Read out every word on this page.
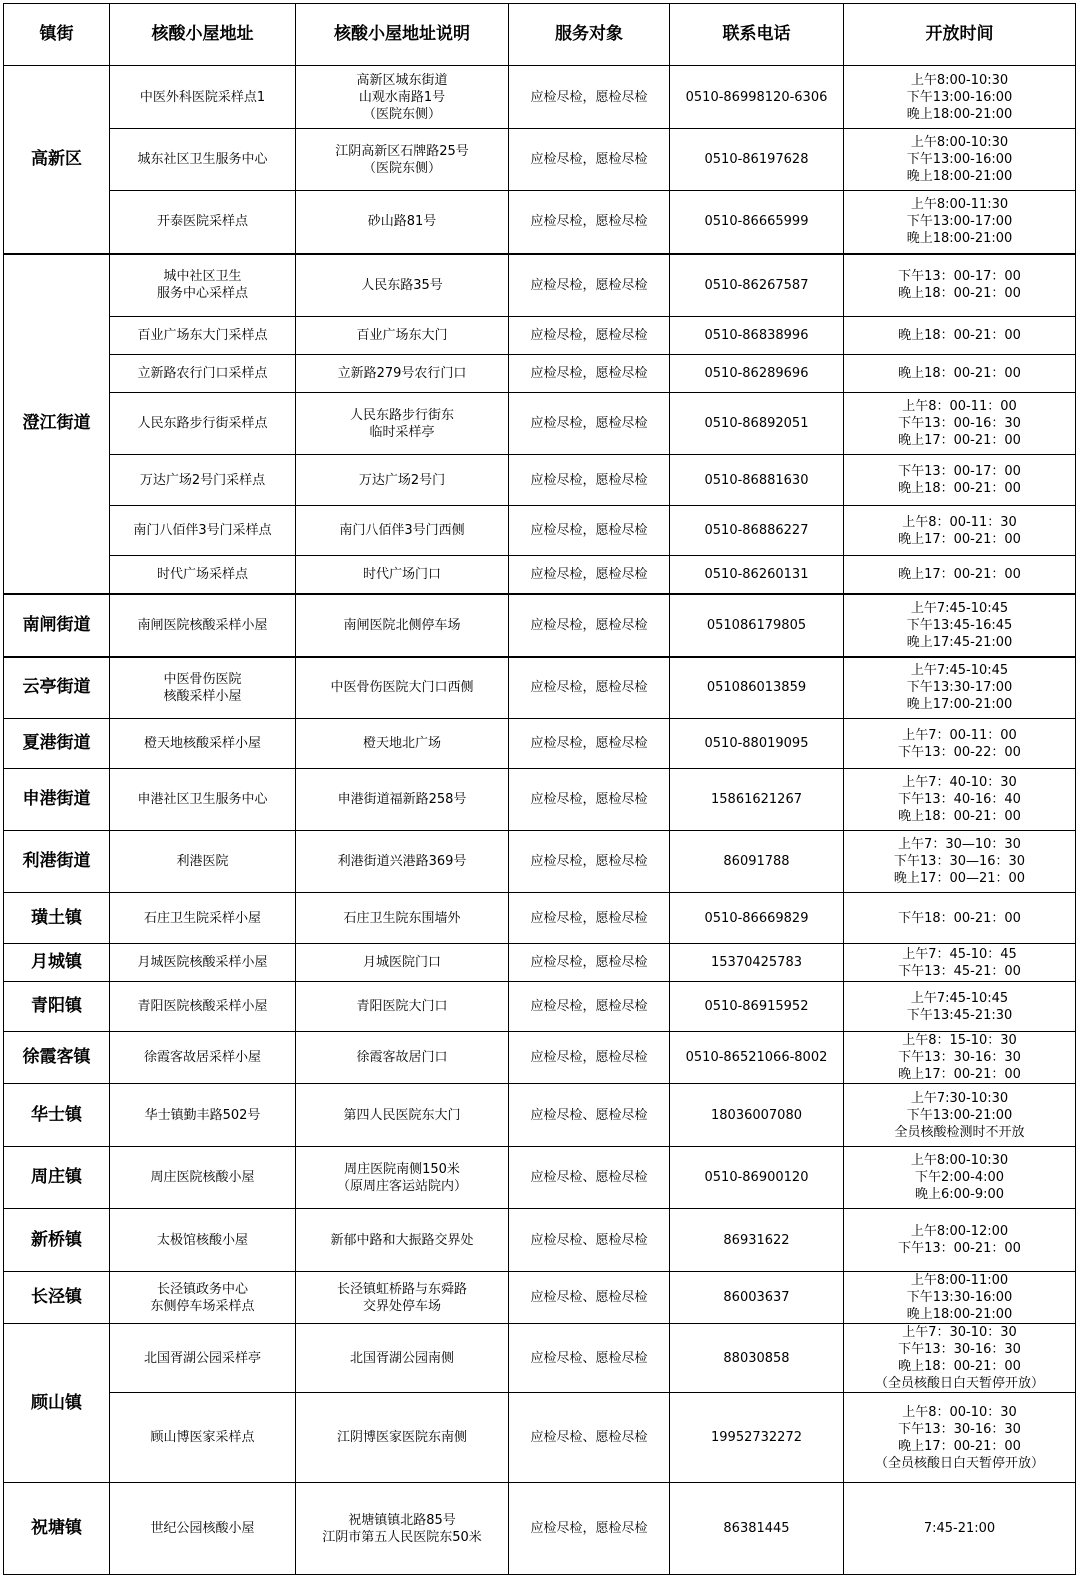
镇街	核酸小屋地址	核酸小屋地址说明	服务对象	联系电话	开放时间
高新区	中医外科医院采样点1	高新区城东街道
山观水南路1号
（医院东侧）	应检尽检，愿检尽检	0510-86998120-6306	上午8:00-10:30
下午13:00-16:00
晚上18:00-21:00

	城东社区卫生服务中心	江阴高新区石牌路25号
（医院东侧）	应检尽检，愿检尽检	0510-86197628	上午8:00-10:30
下午13:00-16:00
晚上18:00-21:00

	开泰医院采样点	砂山路81号	应检尽检，愿检尽检	0510-86665999	上午8:00-11:30
下午13:00-17:00
晚上18:00-21:00

澄江街道	城中社区卫生
服务中心采样点	人民东路35号	应检尽检，愿检尽检	0510-86267587	下午13：00-17：00
晚上18：00-21：00

	百业广场东大门采样点	百业广场东大门	应检尽检，愿检尽检	0510-86838996	晚上18：00-21：00

	立新路农行门口采样点	立新路279号农行门口	应检尽检，愿检尽检	0510-86289696	晚上18：00-21：00

	人民东路步行街采样点	人民东路步行街东
临时采样亭	应检尽检，愿检尽检	0510-86892051	上午8：00-11：00
下午13：00-16：30
晚上17：00-21：00

	万达广场2号门采样点	万达广场2号门	应检尽检，愿检尽检	0510-86881630	下午13：00-17：00
晚上18：00-21：00

	南门八佰伴3号门采样点	南门八佰伴3号门西侧	应检尽检，愿检尽检	0510-86886227	上午8：00-11：30
晚上17：00-21：00

	时代广场采样点	时代广场门口	应检尽检，愿检尽检	0510-86260131	晚上17：00-21：00

南闸街道	南闸医院核酸采样小屋	南闸医院北侧停车场	应检尽检，愿检尽检	051086179805	上午7:45-10:45
下午13:45-16:45
晚上17:45-21:00

云亭街道	中医骨伤医院
核酸采样小屋	中医骨伤医院大门口西侧	应检尽检，愿检尽检	051086013859	上午7:45-10:45
下午13:30-17:00
晚上17:00-21:00

夏港街道	橙天地核酸采样小屋	橙天地北广场	应检尽检，愿检尽检	0510-88019095	上午7：00-11：00
下午13：00-22：00

申港街道	申港社区卫生服务中心	申港街道福新路258号	应检尽检，愿检尽检	15861621267	上午7：40-10：30
下午13：40-16：40
晚上18：00-21：00

利港街道	利港医院	利港街道兴港路369号	应检尽检，愿检尽检	86091788	上午7：30—10：30
下午13：30—16：30
晚上17：00—21：00

璜土镇	石庄卫生院采样小屋	石庄卫生院东围墙外	应检尽检，愿检尽检	0510-86669829	下午18：00-21：00

月城镇	月城医院核酸采样小屋	月城医院门口	应检尽检，愿检尽检	15370425783	上午7：45-10：45
下午13：45-21：00

青阳镇	青阳医院核酸采样小屋	青阳医院大门口	应检尽检，愿检尽检	0510-86915952	上午7:45-10:45
下午13:45-21:30

徐霞客镇	徐霞客故居采样小屋	徐霞客故居门口	应检尽检，愿检尽检	0510-86521066-8002	上午8：15-10：30
下午13：30-16：30
晚上17：00-21：00

华士镇	华士镇勤丰路502号	第四人民医院东大门	应检尽检、愿检尽检	18036007080	上午7:30-10:30
下午13:00-21:00
全员核酸检测时不开放

周庄镇	周庄医院核酸小屋	周庄医院南侧150米
（原周庄客运站院内）	应检尽检、愿检尽检	0510-86900120	上午8:00-10:30
下午2:00-4:00
晚上6:00-9:00

新桥镇	太极馆核酸小屋	新郁中路和大振路交界处	应检尽检、愿检尽检	86931622	上午8:00-12:00
下午13：00-21：00

长泾镇	长泾镇政务中心
东侧停车场采样点	长泾镇虹桥路与东舜路
交界处停车场	应检尽检、愿检尽检	86003637	上午8:00-11:00
下午13:30-16:00
晚上18:00-21:00

顾山镇	北国胥湖公园采样亭	北国胥湖公园南侧	应检尽检、愿检尽检	88030858	上午7：30-10：30
下午13：30-16：30
晚上18：00-21：00
（全员核酸日白天暂停开放）

	顾山博医家采样点	江阴博医家医院东南侧	应检尽检、愿检尽检	19952732272	上午8：00-10：30
下午13：30-16：30
晚上17：00-21：00
（全员核酸日白天暂停开放）

祝塘镇	世纪公园核酸小屋	祝塘镇镇北路85号
江阴市第五人民医院东50米	应检尽检，愿检尽检	86381445	7:45-21:00
